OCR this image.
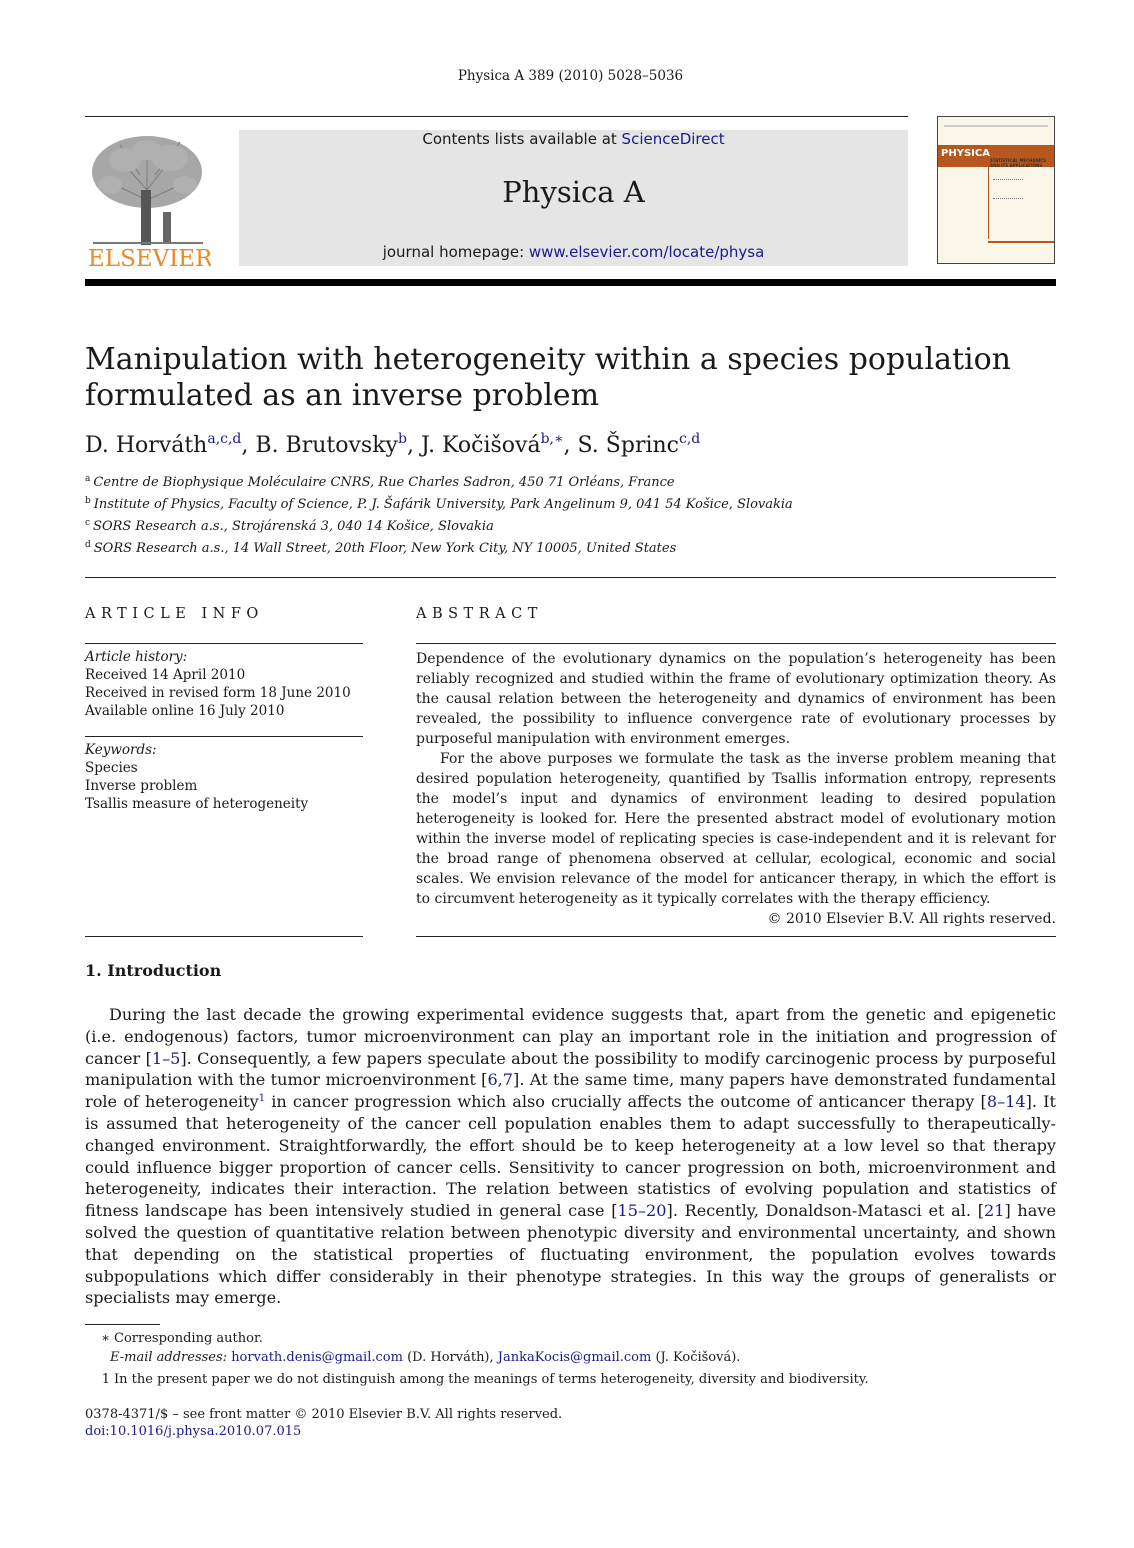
Physica A 389 (2010) 5028–5036
ELSEVIER
Contents lists available at ScienceDirect
Physica A
journal homepage: www.elsevier.com/locate/physa
PHYSICA
STATISTICAL MECHANICS AND ITS APPLICATIONS
Manipulation with heterogeneity within a species population
formulated as an inverse problem
D. Horváth$^{a,c,d}$, B. Brutovsky$^b$, J. Kočišová$^{b,∗}$, S. Šprinc$^{c,d}$
$^a$ Centre de Biophysique Moléculaire CNRS, Rue Charles Sadron, 450 71 Orléans, France
$^b$ Institute of Physics, Faculty of Science, P. J. Šafárik University, Park Angelinum 9, 041 54 Košice, Slovakia
$^c$ SORS Research a.s., Strojárenská 3, 040 14 Košice, Slovakia
$^d$ SORS Research a.s., 14 Wall Street, 20th Floor, New York City, NY 10005, United States
ARTICLE INFO
Article history:
Received 14 April 2010
Received in revised form 18 June 2010
Available online 16 July 2010
Keywords:
Species
Inverse problem
Tsallis measure of heterogeneity
ABSTRACT

Dependence of the evolutionary dynamics on the population’s heterogeneity has been reliably recognized and studied within the frame of evolutionary optimization theory. As the causal relation between the heterogeneity and dynamics of environment has been revealed, the possibility to influence convergence rate of evolutionary processes by purposeful manipulation with environment emerges.

For the above purposes we formulate the task as the inverse problem meaning that desired population heterogeneity, quantified by Tsallis information entropy, represents the model’s input and dynamics of environment leading to desired population heterogeneity is looked for. Here the presented abstract model of evolutionary motion within the inverse model of replicating species is case-independent and it is relevant for the broad range of phenomena observed at cellular, ecological, economic and social scales. We envision relevance of the model for anticancer therapy, in which the effort is to circumvent heterogeneity as it typically correlates with the therapy efficiency.

© 2010 Elsevier B.V. All rights reserved.

1. Introduction
During the last decade the growing experimental evidence suggests that, apart from the genetic and epigenetic (i.e. endogenous) factors, tumor microenvironment can play an important role in the initiation and progression of cancer [1–5]. Consequently, a few papers speculate about the possibility to modify carcinogenic process by purposeful manipulation with the tumor microenvironment [6,7]. At the same time, many papers have demonstrated fundamental role of heterogeneity$^1$ in cancer progression which also crucially affects the outcome of anticancer therapy [8–14]. It is assumed that heterogeneity of the cancer cell population enables them to adapt successfully to therapeutically-changed environment. Straightforwardly, the effort should be to keep heterogeneity at a low level so that therapy could influence bigger proportion of cancer cells. Sensitivity to cancer progression on both, microenvironment and heterogeneity, indicates their interaction. The relation between statistics of evolving population and statistics of fitness landscape has been intensively studied in general case [15–20]. Recently, Donaldson-Matasci et al. [21] have solved the question of quantitative relation between phenotypic diversity and environmental uncertainty, and shown that depending on the statistical properties of fluctuating environment, the population evolves towards subpopulations which differ considerably in their phenotype strategies. In this way the groups of generalists or specialists may emerge.
∗ Corresponding author.
E-mail addresses: horvath.denis@gmail.com (D. Horváth), JankaKocis@gmail.com (J. Kočišová).
1 In the present paper we do not distinguish among the meanings of terms heterogeneity, diversity and biodiversity.
0378-4371/$ – see front matter © 2010 Elsevier B.V. All rights reserved.
doi:10.1016/j.physa.2010.07.015
